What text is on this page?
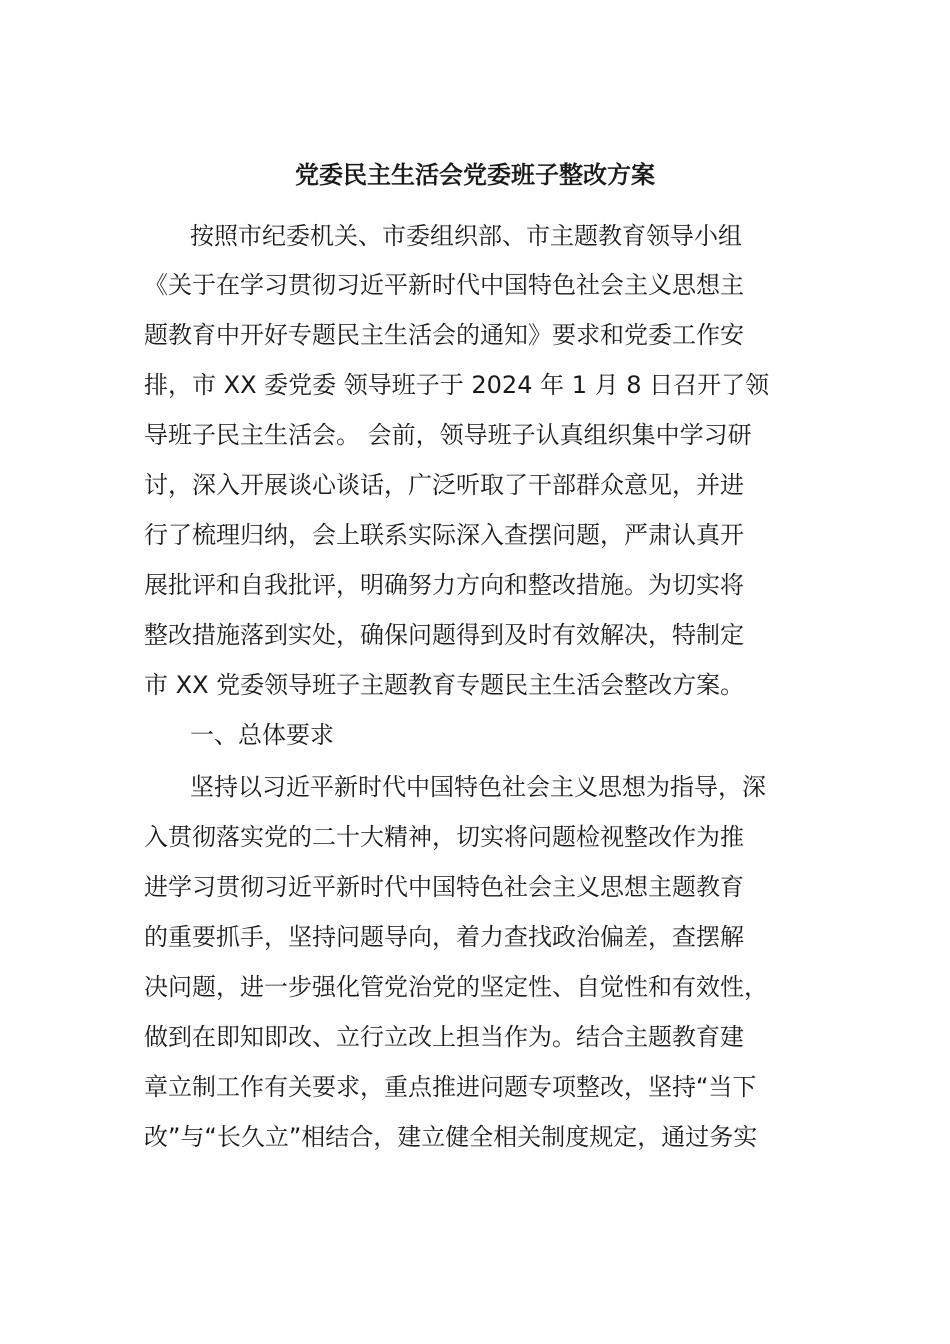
党委民主生活会党委班子整改方案
按照市纪委机关、市委组织部、市主题教育领导小组
《关于在学习贯彻习近平新时代中国特色社会主义思想主
题教育中开好专题民主生活会的通知》要求和党委工作安
排，市 XX 委党委 领导班子于 2024 年 1 月 8 日召开了领
导班子民主生活会。 会前，领导班子认真组织集中学习研
讨，深入开展谈心谈话，广泛听取了干部群众意见，并进
行了梳理归纳，会上联系实际深入查摆问题，严肃认真开
展批评和自我批评，明确努力方向和整改措施。为切实将
整改措施落到实处，确保问题得到及时有效解决，特制定
市 XX 党委领导班子主题教育专题民主生活会整改方案。
一、总体要求
坚持以习近平新时代中国特色社会主义思想为指导，深
入贯彻落实党的二十大精神，切实将问题检视整改作为推
进学习贯彻习近平新时代中国特色社会主义思想主题教育
的重要抓手，坚持问题导向，着力查找政治偏差，查摆解
决问题，进一步强化管党治党的坚定性、自觉性和有效性，
做到在即知即改、立行立改上担当作为。结合主题教育建
章立制工作有关要求，重点推进问题专项整改，坚持“当下
改”与“长久立”相结合，建立健全相关制度规定，通过务实
